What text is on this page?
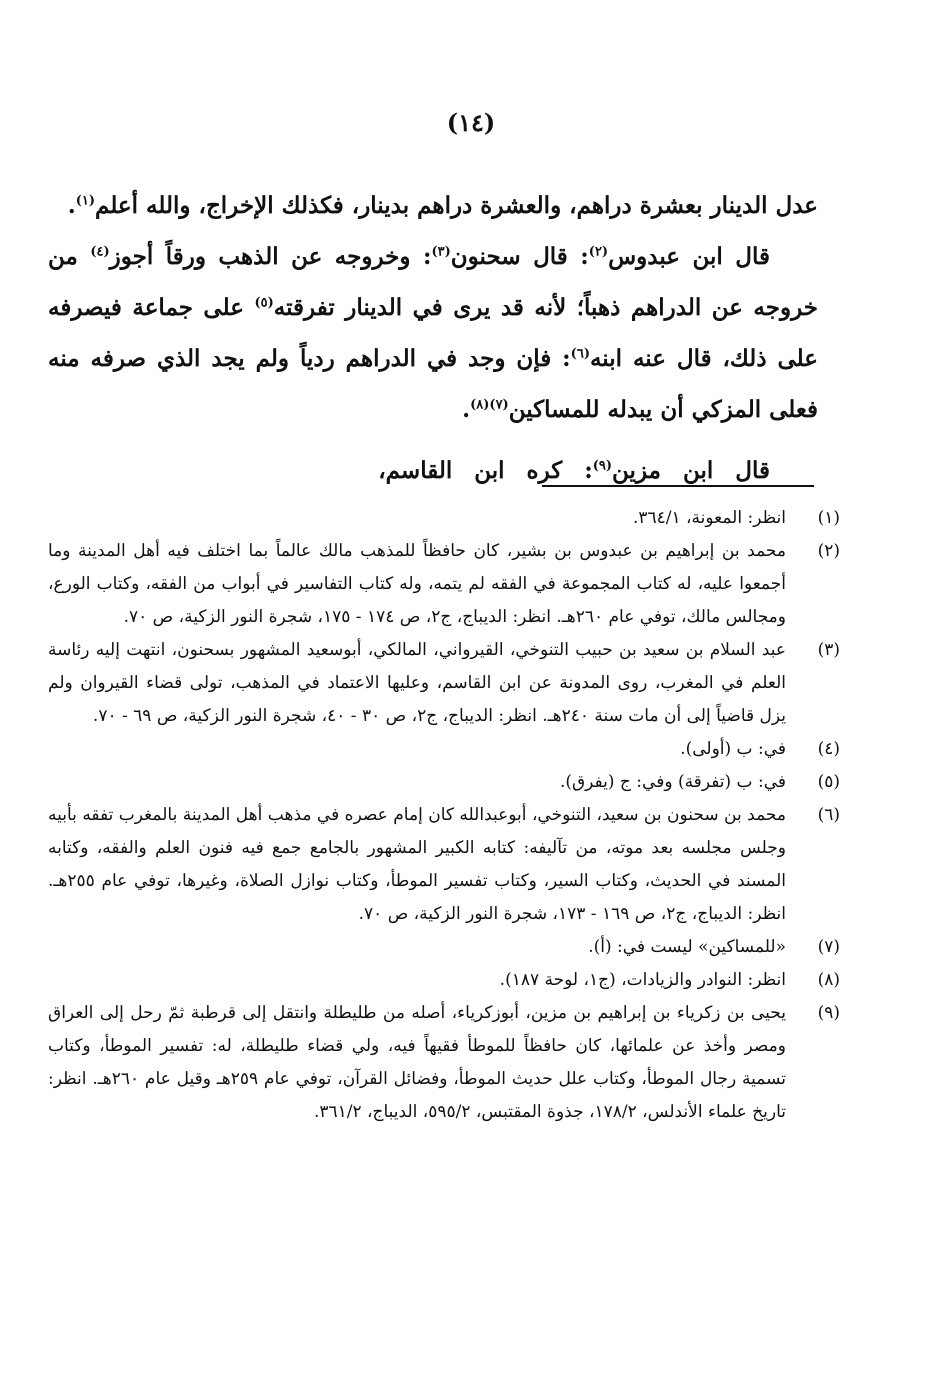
(١٤)

عدل الدينار بعشرة دراهم، والعشرة دراهم بدينار، فكذلك الإخراج، والله أعلم$^{(١)}$.

قال ابن عبدوس$^{(٢)}$: قال سحنون$^{(٣)}$: وخروجه عن الذهب ورقاً أجوز$^{(٤)}$ من خروجه عن الدراهم ذهباً؛ لأنه قد يرى في الدينار تفرقته$^{(٥)}$ على جماعة فيصرفه على ذلك، قال عنه ابنه$^{(٦)}$: فإن وجد في الدراهم ردياً ولم يجد الذي صرفه منه فعلى المزكي أن يبدله للمساكين$^{(٧)(٨)}$.

قال ابن مزين$^{(٩)}$: كره ابن القاسم،

(١)
انظر: المعونة، ٣٦٤/١.
(٢)
محمد بن إبراهيم بن عبدوس بن بشير، كان حافظاً للمذهب مالك عالماً بما اختلف فيه أهل المدينة وما أجمعوا عليه، له كتاب المجموعة في الفقه لم يتمه، وله كتاب التفاسير في أبواب من الفقه، وكتاب الورع، ومجالس مالك، توفي عام ٢٦٠هـ. انظر: الديباج، ج٢، ص ١٧٤ - ١٧٥، شجرة النور الزكية، ص ٧٠.
(٣)
عبد السلام بن سعيد بن حبيب التنوخي، القيرواني، المالكي، أبوسعيد المشهور بسحنون، انتهت إليه رئاسة العلم في المغرب، روى المدونة عن ابن القاسم، وعليها الاعتماد في المذهب، تولى قضاء القيروان ولم يزل قاضياً إلى أن مات سنة ٢٤٠هـ. انظر: الديباج، ج٢، ص ٣٠ - ٤٠، شجرة النور الزكية، ص ٦٩ - ٧٠.
(٤)
في: ب (أولى).
(٥)
في: ب (تفرقة) وفي: ج (يفرق).
(٦)
محمد بن سحنون بن سعيد، التنوخي، أبوعبدالله كان إمام عصره في مذهب أهل المدينة بالمغرب تفقه بأبيه وجلس مجلسه بعد موته، من تآليفه: كتابه الكبير المشهور بالجامع جمع فيه فنون العلم والفقه، وكتابه المسند في الحديث، وكتاب السير، وكتاب تفسير الموطأ، وكتاب نوازل الصلاة، وغيرها، توفي عام ٢٥٥هـ. انظر: الديباج، ج٢، ص ١٦٩ - ١٧٣، شجرة النور الزكية، ص ٧٠.
(٧)
«للمساكين» ليست في: (أ).
(٨)
انظر: النوادر والزيادات، (ج١، لوحة ١٨٧).
(٩)
يحيى بن زكرياء بن إبراهيم بن مزين، أبوزكرياء، أصله من طليطلة وانتقل إلى قرطبة ثمّ رحل إلى العراق ومصر وأخذ عن علمائها، كان حافظاً للموطأ فقيهاً فيه، ولي قضاء طليطلة، له: تفسير الموطأ، وكتاب تسمية رجال الموطأ، وكتاب علل حديث الموطأ، وفضائل القرآن، توفي عام ٢٥٩هـ وقيل عام ٢٦٠هـ. انظر: تاريخ علماء الأندلس، ١٧٨/٢، جذوة المقتبس، ٥٩٥/٢، الديباج، ٣٦١/٢.
